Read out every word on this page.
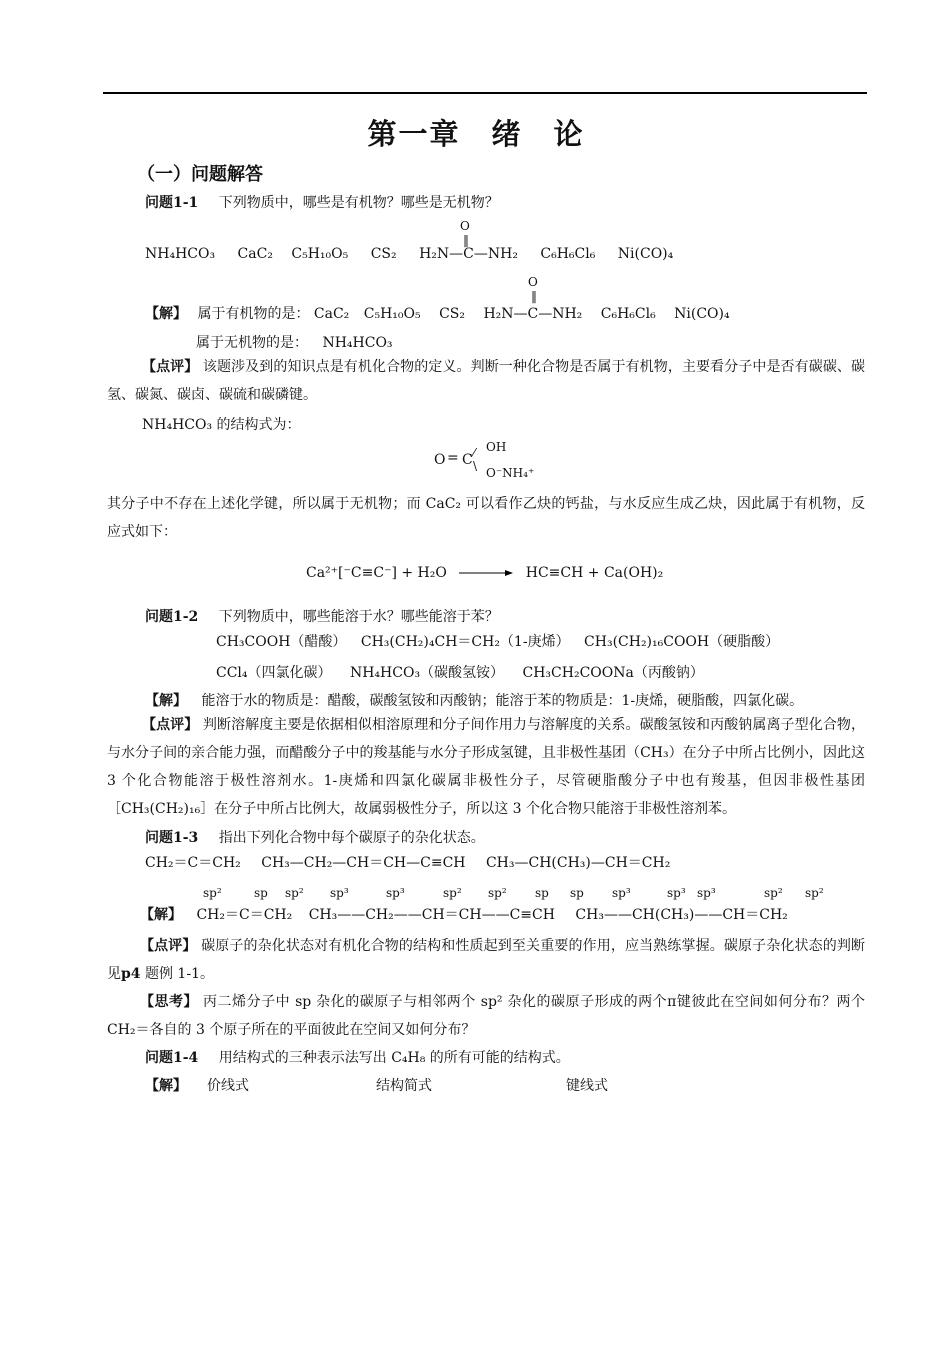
第一章　绪　论
（一）问题解答
问题1-1 下列物质中，哪些是有机物？哪些是无机物？
O
‖
NH₄HCO₃ CaC₂ C₅H₁₀O₅ CS₂ H₂N—C—NH₂ C₆H₆Cl₆ Ni(CO)₄
O
‖
【解】 属于有机物的是： CaC₂ C₅H₁₀O₅ CS₂ H₂N—C—NH₂ C₆H₆Cl₆ Ni(CO)₄
属于无机物的是： NH₄HCO₃
【点评】 该题涉及到的知识点是有机化合物的定义。判断一种化合物是否属于有机物，主要看分子中是否有碳碳、碳氢、碳氮、碳卤、碳硫和碳磷键。
NH₄HCO₃ 的结构式为：
O = C ⁄
\
OH
O⁻NH₄⁺
其分子中不存在上述化学键，所以属于无机物；而 CaC₂ 可以看作乙炔的钙盐，与水反应生成乙炔，因此属于有机物，反应式如下：
Ca²⁺[⁻C≡C⁻] + H₂O	HC≡CH + Ca(OH)₂
问题1-2 下列物质中，哪些能溶于水？哪些能溶于苯？
CH₃COOH（醋酸） CH₃(CH₂)₄CH＝CH₂（1-庚烯） CH₃(CH₂)₁₆COOH（硬脂酸）
CCl₄（四氯化碳） NH₄HCO₃（碳酸氢铵） CH₃CH₂COONa（丙酸钠）
【解】 能溶于水的物质是：醋酸，碳酸氢铵和丙酸钠；能溶于苯的物质是：1-庚烯，硬脂酸，四氯化碳。
【点评】 判断溶解度主要是依据相似相溶原理和分子间作用力与溶解度的关系。碳酸氢铵和丙酸钠属离子型化合物，与水分子间的亲合能力强，而醋酸分子中的羧基能与水分子形成氢键，且非极性基团（CH₃）在分子中所占比例小，因此这 3 个化合物能溶于极性溶剂水。1-庚烯和四氯化碳属非极性分子，尽管硬脂酸分子中也有羧基，但因非极性基团［CH₃(CH₂)₁₆］在分子中所占比例大，故属弱极性分子，所以这 3 个化合物只能溶于非极性溶剂苯。
问题1-3 指出下列化合物中每个碳原子的杂化状态。
CH₂＝C＝CH₂ CH₃—CH₂—CH＝CH—C≡CH CH₃—CH(CH₃)—CH＝CH₂
sp²	sp sp² sp³	sp³	sp² sp² sp sp sp³	sp³ sp³	sp² sp²
【解】 CH₂＝C＝CH₂ CH₃——CH₂——CH＝CH——C≡CH CH₃——CH(CH₃)——CH＝CH₂
【点评】 碳原子的杂化状态对有机化合物的结构和性质起到至关重要的作用，应当熟练掌握。碳原子杂化状态的判断见p4 题例 1-1。
【思考】 丙二烯分子中 sp 杂化的碳原子与相邻两个 sp² 杂化的碳原子形成的两个π键彼此在空间如何分布？两个 CH₂＝各自的 3 个原子所在的平面彼此在空间又如何分布？
问题1-4 用结构式的三种表示法写出 C₄H₈ 的所有可能的结构式。
【解】 价线式	结构简式	键线式
